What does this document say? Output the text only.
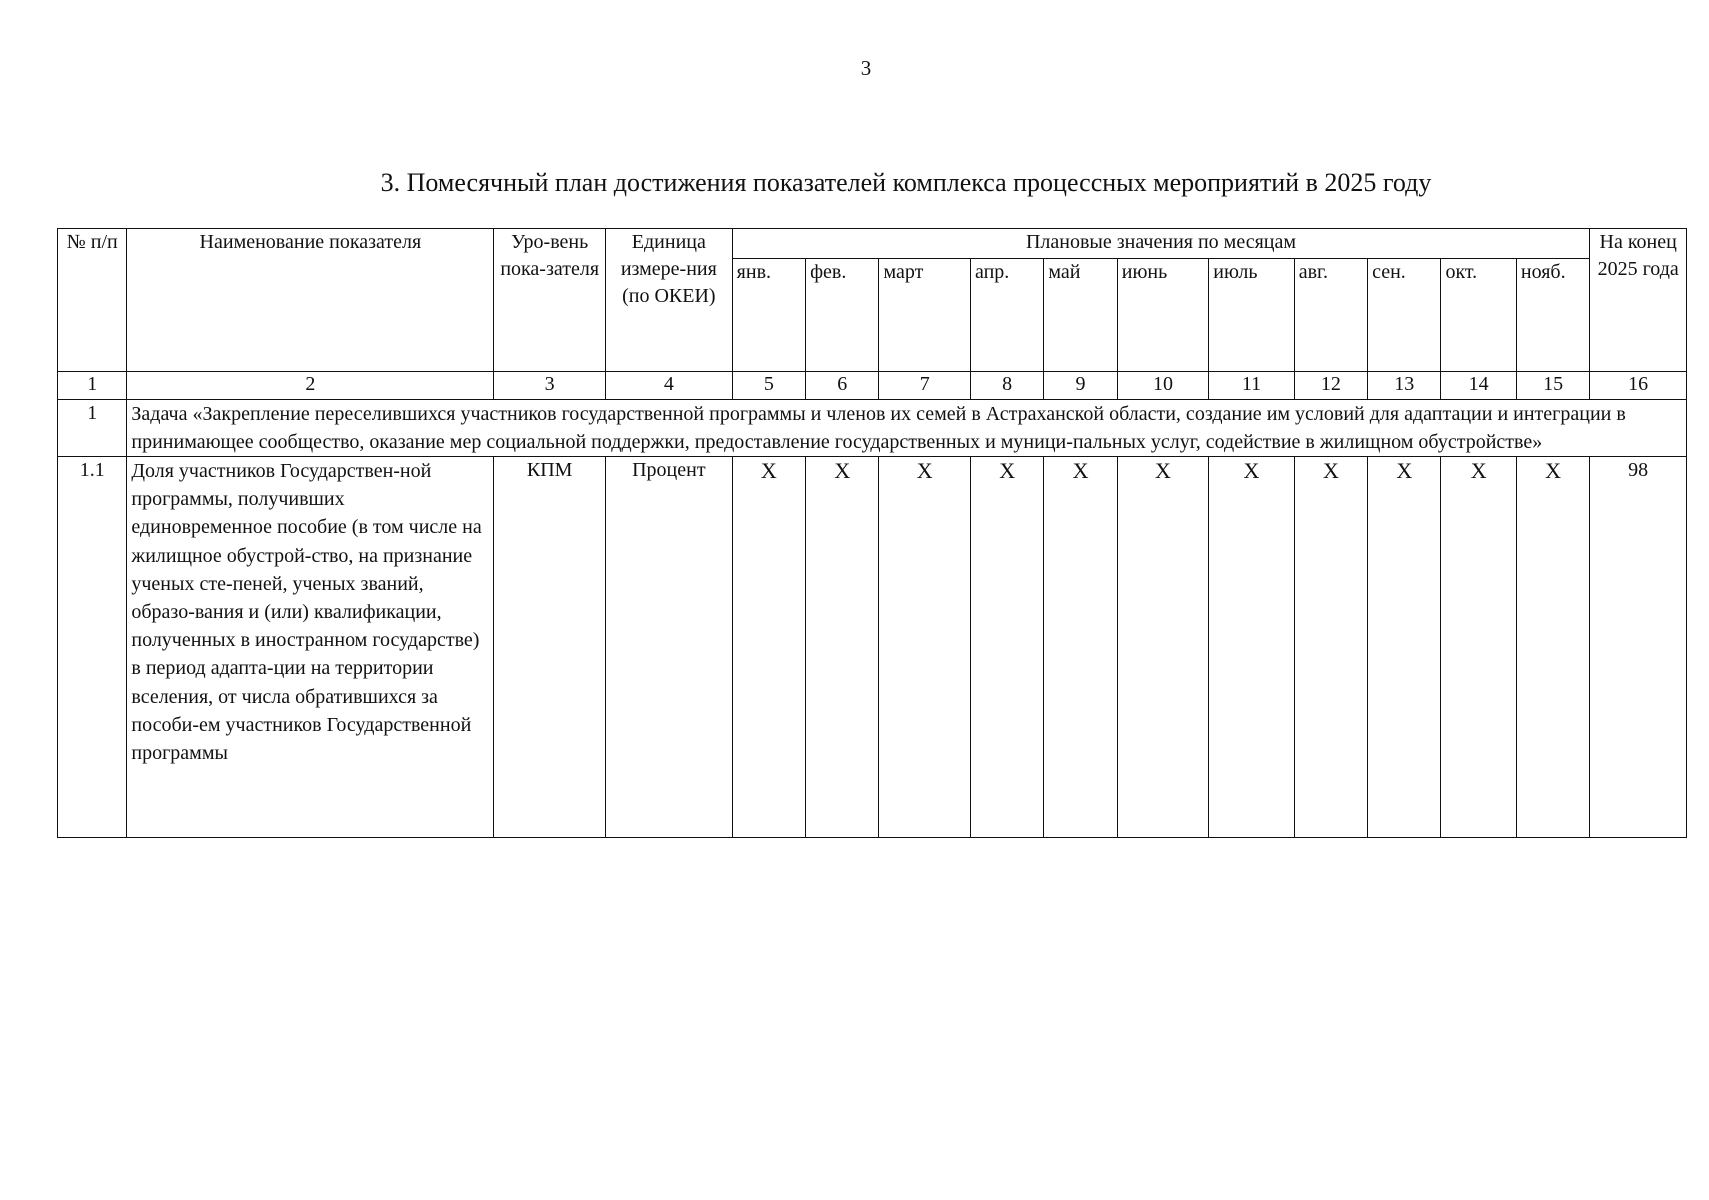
3
3. Помесячный план достижения показателей комплекса процессных мероприятий в 2025 году
№ п/п	Наименование показателя	Уро-вень пока-зателя	Единица измере-ния (по ОКЕИ)	Плановые значения по месяцам											На конец 2025 года
				янв.	фев.	март	апр.	май	июнь	июль	авг.	сен.	окт.	нояб.	
1	2	3	4	5	6	7	8	9	10	11	12	13	14	15	16
1	Задача «Закрепление переселившихся участников государственной программы и членов их семей в Астраханской области, создание им условий для адаптации и интеграции в принимающее сообщество, оказание мер социальной поддержки, предоставление государственных и муници-пальных услуг, содействие в жилищном обустройстве»														
1.1	Доля участников Государствен-ной программы, получивших единовременное пособие (в том числе на жилищное обустрой-ство, на признание ученых сте-пеней, ученых званий, образо-вания и (или) квалификации, полученных в иностранном государстве) в период адапта-ции на территории вселения, от числа обратившихся за пособи-ем участников Государственной программы	КПМ	Процент	X	X	X	X	X	X	X	X	X	X	X	98
